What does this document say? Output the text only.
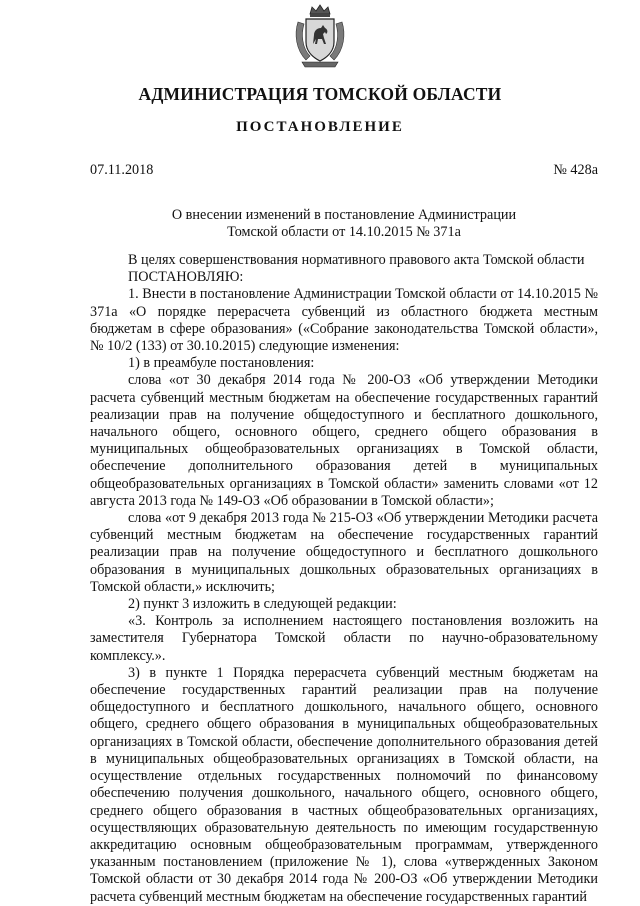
АДМИНИСТРАЦИЯ ТОМСКОЙ ОБЛАСТИ
ПОСТАНОВЛЕНИЕ
07.11.2018	№ 428а
О внесении изменений в постановление Администрации
Томской области от 14.10.2015 № 371а

В целях совершенствования нормативного правового акта Томской области

ПОСТАНОВЛЯЮ:

1. Внести в постановление Администрации Томской области от 14.10.2015 № 371а «О порядке перерасчета субвенций из областного бюджета местным бюджетам в сфере образования» («Собрание законодательства Томской области», № 10/2 (133) от 30.10.2015) следующие изменения:

1) в преамбуле постановления:

слова «от 30 декабря 2014 года № 200-ОЗ «Об утверждении Методики расчета субвенций местным бюджетам на обеспечение государственных гарантий реализации прав на получение общедоступного и бесплатного дошкольного, начального общего, основного общего, среднего общего образования в муниципальных общеобразовательных организациях в Томской области, обеспечение дополнительного образования детей в муниципальных общеобразовательных организациях в Томской области» заменить словами «от 12 августа 2013 года № 149-ОЗ «Об образовании в Томской области»;

слова «от 9 декабря 2013 года № 215-ОЗ «Об утверждении Методики расчета субвенций местным бюджетам на обеспечение государственных гарантий реализации прав на получение общедоступного и бесплатного дошкольного образования в муниципальных дошкольных образовательных организациях в Томской области,» исключить;

2) пункт 3 изложить в следующей редакции:

«3. Контроль за исполнением настоящего постановления возложить на заместителя Губернатора Томской области по научно-образовательному комплексу.».

3) в пункте 1 Порядка перерасчета субвенций местным бюджетам на обеспечение государственных гарантий реализации прав на получение общедоступного и бесплатного дошкольного, начального общего, основного общего, среднего общего образования в муниципальных общеобразовательных организациях в Томской области, обеспечение дополнительного образования детей в муниципальных общеобразовательных организациях в Томской области, на осуществление отдельных государственных полномочий по финансовому обеспечению получения дошкольного, начального общего, основного общего, среднего общего образования в частных общеобразовательных организациях, осуществляющих образовательную деятельность по имеющим государственную аккредитацию основным общеобразовательным программам, утвержденного указанным постановлением (приложение № 1), слова «утвержденных Законом Томской области от 30 декабря 2014 года № 200-ОЗ «Об утверждении Методики расчета субвенций местным бюджетам на обеспечение государственных гарантий
